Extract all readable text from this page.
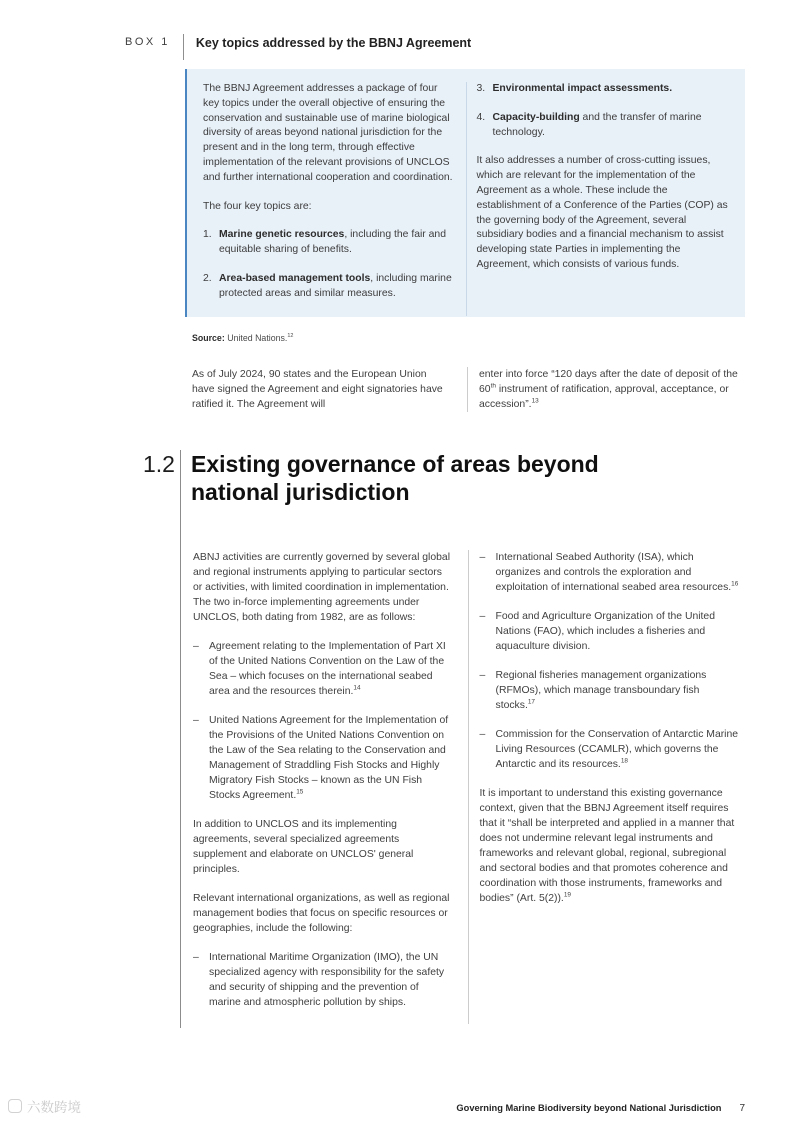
BOX 1 Key topics addressed by the BBNJ Agreement
The BBNJ Agreement addresses a package of four key topics under the overall objective of ensuring the conservation and sustainable use of marine biological diversity of areas beyond national jurisdiction for the present and in the long term, through effective implementation of the relevant provisions of UNCLOS and further international cooperation and coordination.
The four key topics are:
1. Marine genetic resources, including the fair and equitable sharing of benefits.
2. Area-based management tools, including marine protected areas and similar measures.
3. Environmental impact assessments.
4. Capacity-building and the transfer of marine technology.
It also addresses a number of cross-cutting issues, which are relevant for the implementation of the Agreement as a whole. These include the establishment of a Conference of the Parties (COP) as the governing body of the Agreement, several subsidiary bodies and a financial mechanism to assist developing state Parties in implementing the Agreement, which consists of various funds.
Source: United Nations.$^{12}$
As of July 2024, 90 states and the European Union have signed the Agreement and eight signatories have ratified it. The Agreement will
enter into force “120 days after the date of deposit of the 60th instrument of ratification, approval, acceptance, or accession”.$^{13}$
1.2 Existing governance of areas beyond national jurisdiction
ABNJ activities are currently governed by several global and regional instruments applying to particular sectors or activities, with limited coordination in implementation. The two in-force implementing agreements under UNCLOS, both dating from 1982, are as follows:
– Agreement relating to the Implementation of Part XI of the United Nations Convention on the Law of the Sea – which focuses on the international seabed area and the resources therein.$^{14}$
– United Nations Agreement for the Implementation of the Provisions of the United Nations Convention on the Law of the Sea relating to the Conservation and Management of Straddling Fish Stocks and Highly Migratory Fish Stocks – known as the UN Fish Stocks Agreement.$^{15}$
In addition to UNCLOS and its implementing agreements, several specialized agreements supplement and elaborate on UNCLOS' general principles.
Relevant international organizations, as well as regional management bodies that focus on specific resources or geographies, include the following:
– International Maritime Organization (IMO), the UN specialized agency with responsibility for the safety and security of shipping and the prevention of marine and atmospheric pollution by ships.
– International Seabed Authority (ISA), which organizes and controls the exploration and exploitation of international seabed area resources.$^{16}$
– Food and Agriculture Organization of the United Nations (FAO), which includes a fisheries and aquaculture division.
– Regional fisheries management organizations (RFMOs), which manage transboundary fish stocks.$^{17}$
– Commission for the Conservation of Antarctic Marine Living Resources (CCAMLR), which governs the Antarctic and its resources.$^{18}$
It is important to understand this existing governance context, given that the BBNJ Agreement itself requires that it “shall be interpreted and applied in a manner that does not undermine relevant legal instruments and frameworks and relevant global, regional, subregional and sectoral bodies and that promotes coherence and coordination with those instruments, frameworks and bodies” (Art. 5(2)).$^{19}$
Governing Marine Biodiversity beyond National Jurisdiction 7
六数跨境
